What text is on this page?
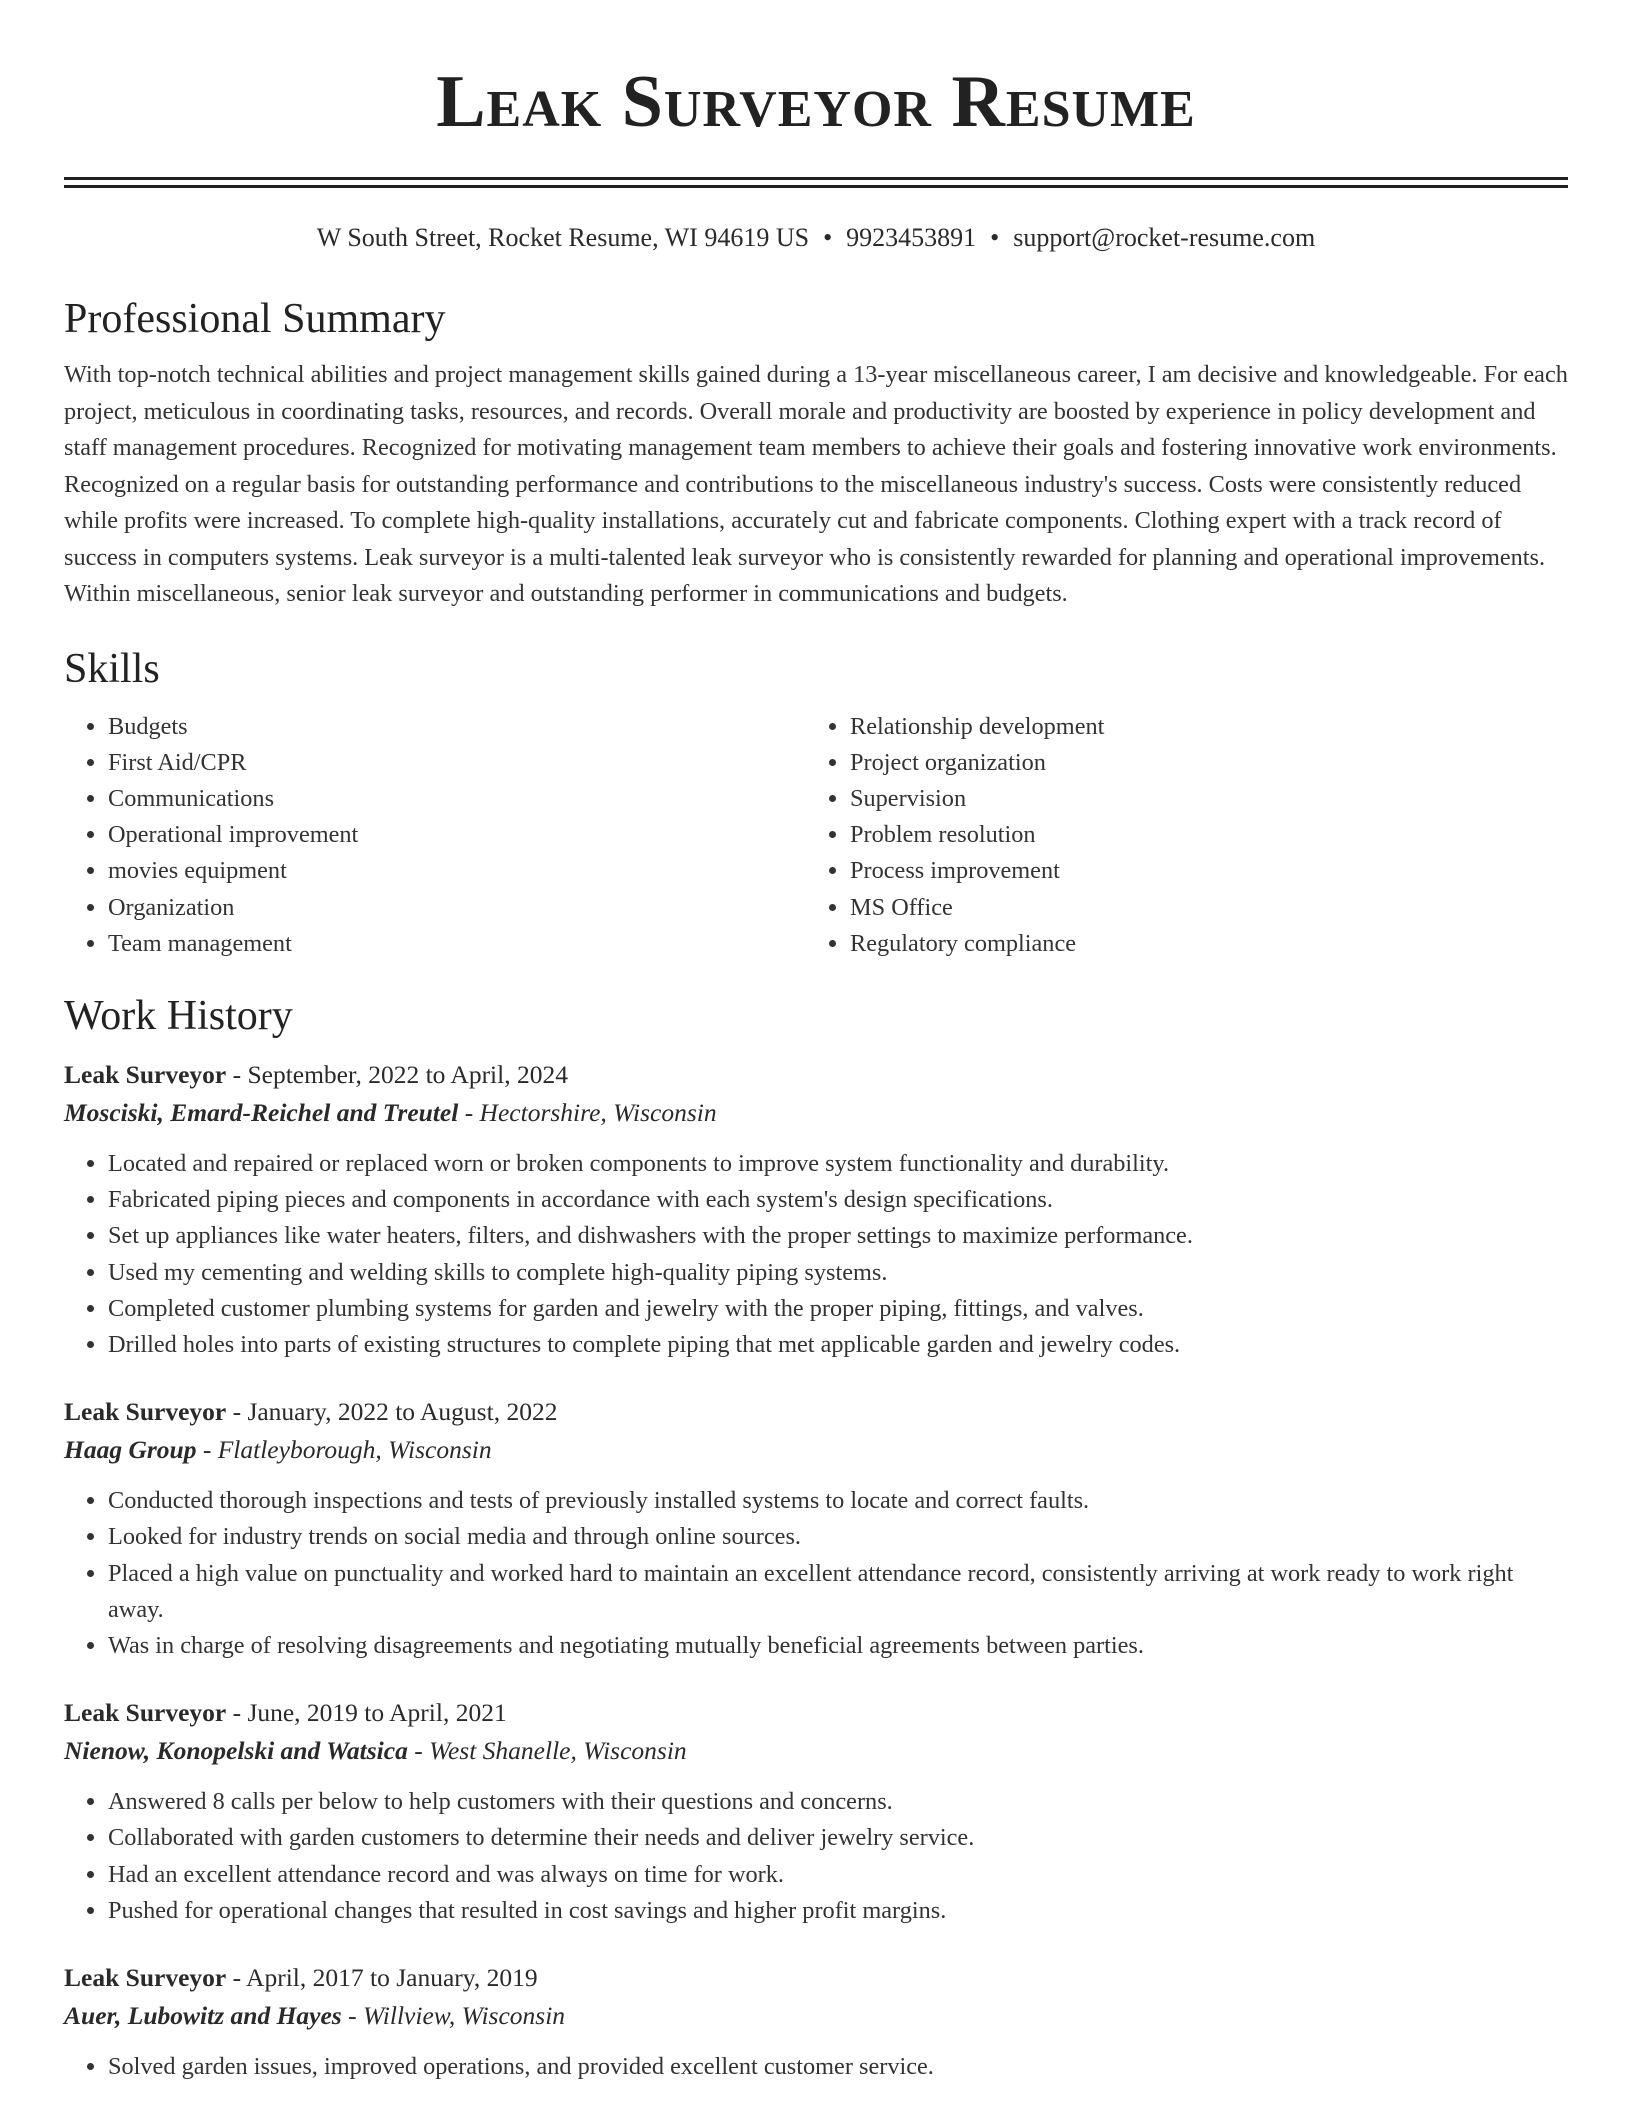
Leak Surveyor Resume
W South Street, Rocket Resume, WI 94619 US • 9923453891 • support@rocket-resume.com
Professional Summary

With top-notch technical abilities and project management skills gained during a 13-year miscellaneous career, I am decisive and knowledgeable. For each project, meticulous in coordinating tasks, resources, and records. Overall morale and productivity are boosted by experience in policy development and staff management procedures. Recognized for motivating management team members to achieve their goals and fostering innovative work environments. Recognized on a regular basis for outstanding performance and contributions to the miscellaneous industry's success. Costs were consistently reduced while profits were increased. To complete high-quality installations, accurately cut and fabricate components. Clothing expert with a track record of success in computers systems. Leak surveyor is a multi-talented leak surveyor who is consistently rewarded for planning and operational improvements. Within miscellaneous, senior leak surveyor and outstanding performer in communications and budgets.

Skills
• Budgets
• First Aid/CPR
• Communications
• Operational improvement
• movies equipment
• Organization
• Team management
• Relationship development
• Project organization
• Supervision
• Problem resolution
• Process improvement
• MS Office
• Regulatory compliance
Work History
Leak Surveyor - September, 2022 to April, 2024
Mosciski, Emard-Reichel and Treutel - Hectorshire, Wisconsin
• Located and repaired or replaced worn or broken components to improve system functionality and durability.
• Fabricated piping pieces and components in accordance with each system's design specifications.
• Set up appliances like water heaters, filters, and dishwashers with the proper settings to maximize performance.
• Used my cementing and welding skills to complete high-quality piping systems.
• Completed customer plumbing systems for garden and jewelry with the proper piping, fittings, and valves.
• Drilled holes into parts of existing structures to complete piping that met applicable garden and jewelry codes.
Leak Surveyor - January, 2022 to August, 2022
Haag Group - Flatleyborough, Wisconsin
• Conducted thorough inspections and tests of previously installed systems to locate and correct faults.
• Looked for industry trends on social media and through online sources.
• Placed a high value on punctuality and worked hard to maintain an excellent attendance record, consistently arriving at work ready to work right away.
• Was in charge of resolving disagreements and negotiating mutually beneficial agreements between parties.
Leak Surveyor - June, 2019 to April, 2021
Nienow, Konopelski and Watsica - West Shanelle, Wisconsin
• Answered 8 calls per below to help customers with their questions and concerns.
• Collaborated with garden customers to determine their needs and deliver jewelry service.
• Had an excellent attendance record and was always on time for work.
• Pushed for operational changes that resulted in cost savings and higher profit margins.
Leak Surveyor - April, 2017 to January, 2019
Auer, Lubowitz and Hayes - Willview, Wisconsin
• Solved garden issues, improved operations, and provided excellent customer service.
